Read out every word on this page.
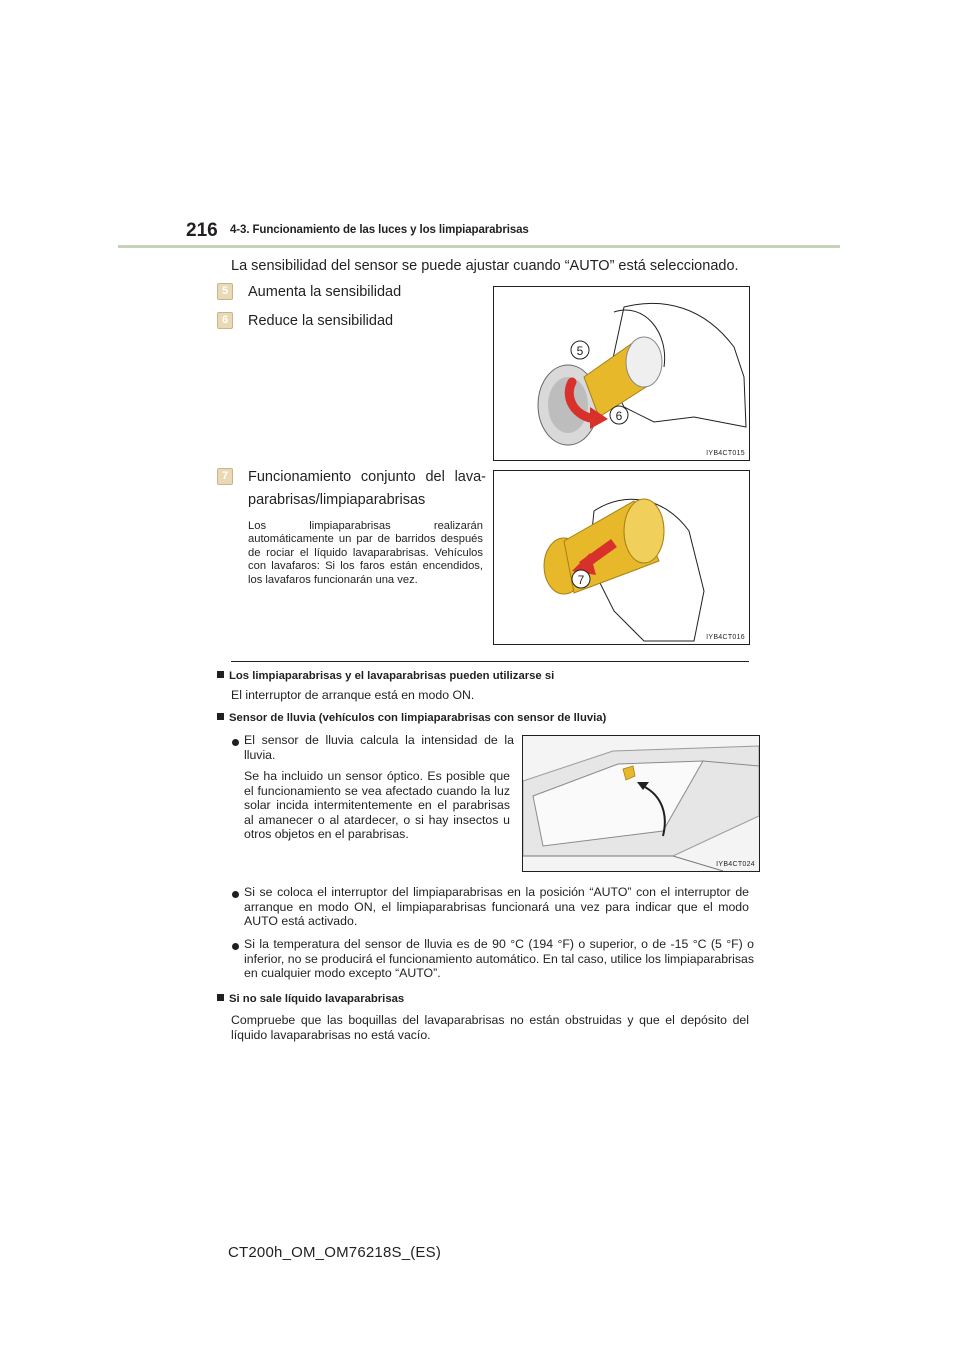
216 4-3. Funcionamiento de las luces y los limpiaparabrisas
La sensibilidad del sensor se puede ajustar cuando “AUTO” está seleccionado.
5	Aumenta la sensibilidad
6	Reduce la sensibilidad
5
6
IYB4CT015
7	Funcionamiento conjunto del lava-parabrisas/limpiaparabrisas
Los limpiaparabrisas realizarán automáticamente un par de barridos después de rociar el líquido lavaparabrisas. Vehículos con lavafaros: Si los faros están encendidos, los lavafaros funcionarán una vez.	7
IYB4CT016
Los limpiaparabrisas y el lavaparabrisas pueden utilizarse si
El interruptor de arranque está en modo ON.
Sensor de lluvia (vehículos con limpiaparabrisas con sensor de lluvia)
El sensor de lluvia calcula la intensidad de la lluvia.
Se ha incluido un sensor óptico. Es posible que el funcionamiento se vea afectado cuando la luz solar incida intermitentemente en el parabrisas al amanecer o al atardecer, o si hay insectos u otros objetos en el parabrisas.
IYB4CT024
Si se coloca el interruptor del limpiaparabrisas en la posición “AUTO” con el interruptor de arranque en modo ON, el limpiaparabrisas funcionará una vez para indicar que el modo AUTO está activado.
Si la temperatura del sensor de lluvia es de 90 °C (194 °F) o superior, o de -15 °C (5 °F) o inferior, no se producirá el funcionamiento automático. En tal caso, utilice los limpiaparabrisas en cualquier modo excepto “AUTO”.
Si no sale líquido lavaparabrisas
Compruebe que las boquillas del lavaparabrisas no están obstruidas y que el depósito del líquido lavaparabrisas no está vacío.
CT200h_OM_OM76218S_(ES)
